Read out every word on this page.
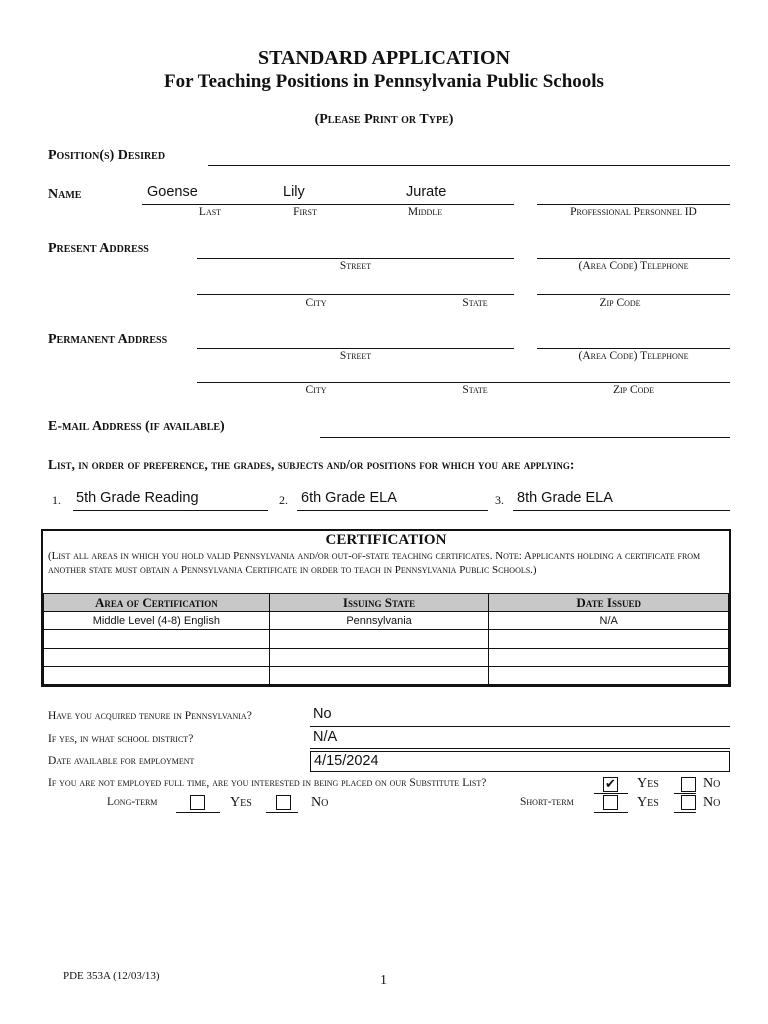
STANDARD APPLICATION
For Teaching Positions in Pennsylvania Public Schools
(Please Print or Type)
Position(s) Desired
Name	Goense	Lily	Jurate
Last	First	Middle	Professional Personnel ID
Present Address
Street	(Area Code) Telephone
City	State	Zip Code
Permanent Address
Street	(Area Code) Telephone
City	State	Zip Code
E-mail Address (if available)
List, in order of preference, the grades, subjects and/or positions for which you are applying:
1. 5th Grade Reading	2. 6th Grade ELA	3. 8th Grade ELA
CERTIFICATION
(List all areas in which you hold valid Pennsylvania and/or out-of-state teaching certificates. Note: Applicants holding a certificate from another state must obtain a Pennsylvania Certificate in order to teach in Pennsylvania Public Schools.)
Area of Certification	Issuing State	Date Issued
Middle Level (4-8) English	Pennsylvania	N/A

Have you acquired tenure in Pennsylvania?	No
If yes, in what school district?	N/A
Date available for employment	4/15/2024
If you are not employed full time, are you interested in being placed on our Substitute List?	✔ Yes	No
Long-term	Yes	No	Short-term	Yes	No
PDE 353A (12/03/13)	1
